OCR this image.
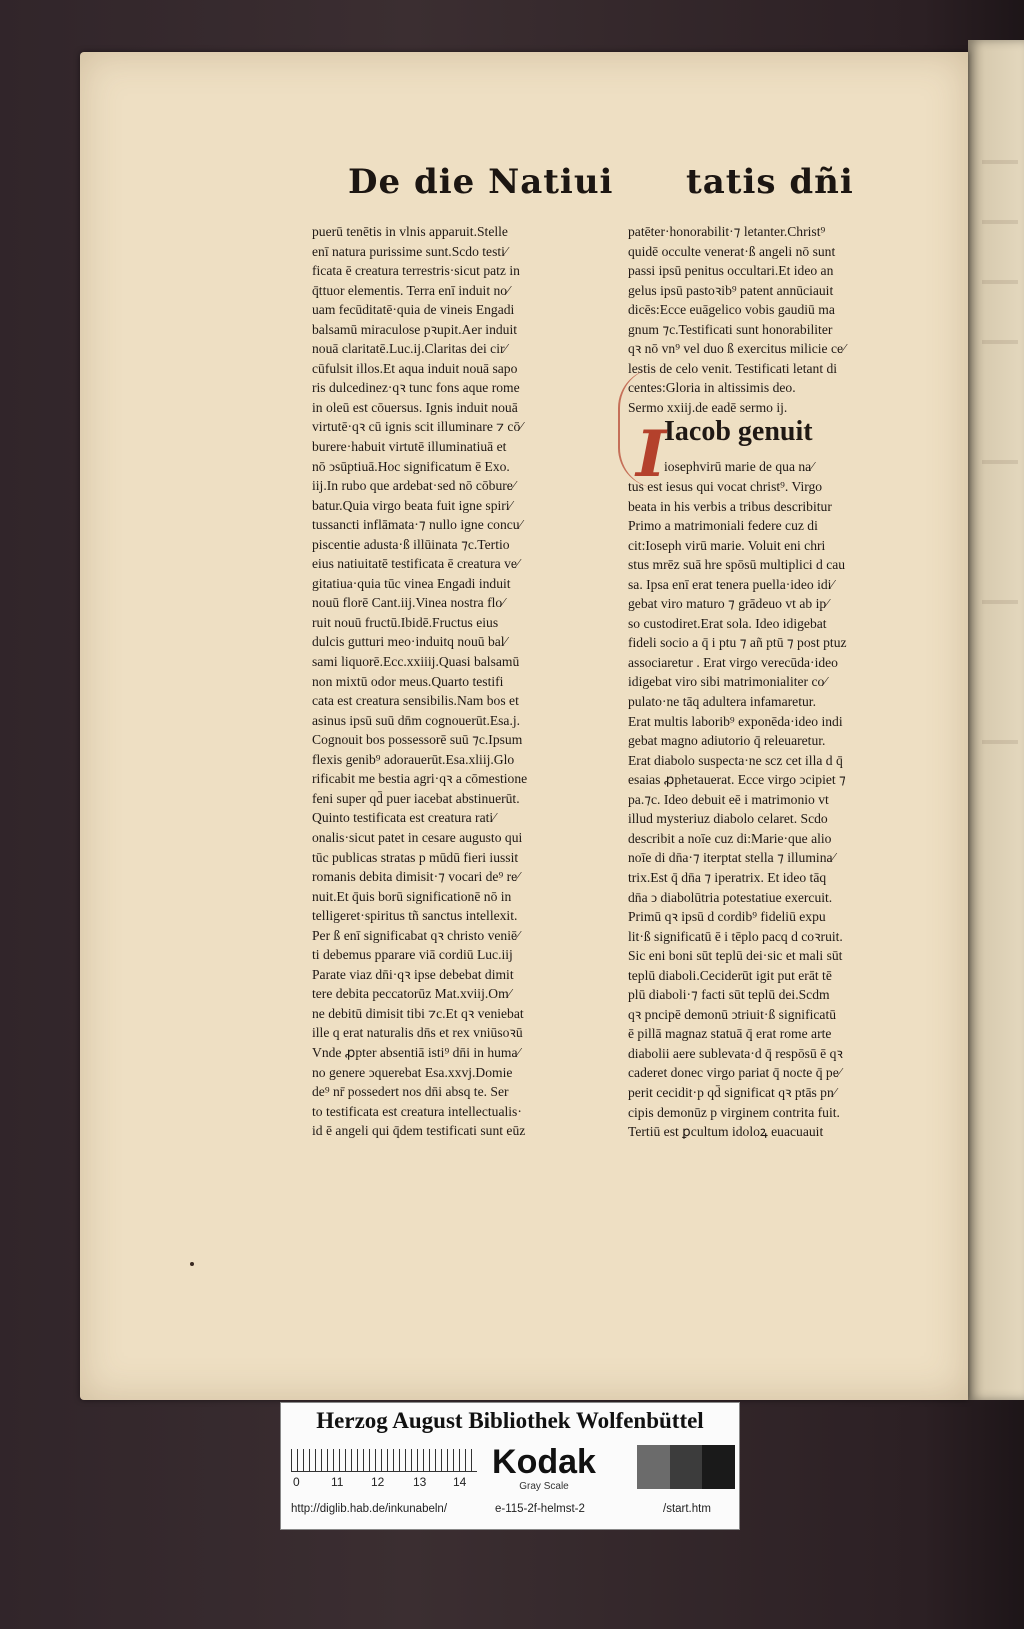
De die Natiui tatis dñi
I
puerū tenētis in vlnis apparuit.Stelle
enī natura purissime sunt.Scdo testi⁄
ficata ē creatura terrestris·sicut patz in
q̄ttuor elementis. Terra enī induit no⁄
uam fecūditatē·quia de vineis Engadi
balsamū miraculose pꝛupit.Aer induit
nouā claritatē.Luc.ij.Claritas dei cir⁄
cūfulsit illos.Et aqua induit nouā sapo
ris dulcedinez·qꝛ tunc fons aque rome
in oleū est cōuersus. Ignis induit nouā
virtutē·qꝛ cū ignis scit illuminare ⁊ cō⁄
burere·habuit virtutē illuminatiuā et
nō ↄsūptiuā.Hoc significatum ē Exo.
iij.In rubo que ardebat·sed nō cōbure⁄
batur.Quia virgo beata fuit igne spiri⁄
tussancti inflāmata·⁊ nullo igne concu⁄
piscentie adusta·ß illūinata ⁊c.Tertio
eius natiuitatē testificata ē creatura ve⁄
gitatiua·quia tūc vinea Engadi induit
nouū florē Cant.iij.Vinea nostra flo⁄
ruit nouū fructū.Ibidē.Fructus eius
dulcis gutturi meo·induitq nouū bal⁄
sami liquorē.Ecc.xxiiij.Quasi balsamū
non mixtū odor meus.Quarto testifi
cata est creatura sensibilis.Nam bos et
asinus ipsū suū dn̄m cognouerūt.Esa.j.
Cognouit bos possessorē suū ⁊c.Ipsum
flexis genib⁹ adorauerūt.Esa.xliij.Glo
rificabit me bestia agri·qꝛ a cōmestione
feni super qd̄ puer iacebat abstinuerūt.
Quinto testificata est creatura rati⁄
onalis·sicut patet in cesare augusto qui
tūc publicas stratas p mūdū fieri iussit
romanis debita dimisit·⁊ vocari de⁹ re⁄
nuit.Et q̄uis borū significationē nō in
telligeret·spiritus tñ sanctus intellexit.
Per ß enī significabat qꝛ christo veniē⁄
ti debemus pparare viā cordiū Luc.iij
Parate viaz dn̄i·qꝛ ipse debebat dimit
tere debita peccatorūz Mat.xviij.Om⁄
ne debitū dimisit tibi ⁊c.Et qꝛ veniebat
ille q erat naturalis dn̄s et rex vniūsoꝛū
Vnde ꝓpter absentiā isti⁹ dn̄i in huma⁄
no genere ↄquerebat Esa.xxvj.Domie
de⁹ nr̄ possedert nos dn̄i absq te. Ser
to testificata est creatura intellectualis·
id ē angeli qui q̄dem testificati sunt eūz
patēter·honorabilit·⁊ letanter.Christ⁹
quidē occulte venerat·ß angeli nō sunt
passi ipsū penitus occultari.Et ideo an
gelus ipsū pastoꝛib⁹ patent annūciauit
dicēs:Ecce euāgelico vobis gaudiū ma
gnum ⁊c.Testificati sunt honorabiliter
qꝛ nō vn⁹ vel duo ß exercitus milicie ce⁄
lestis de celo venit. Testificati letant di
centes:Gloria in altissimis deo.
Sermo xxiij.de eadē sermo ij.
Iacob genuit
iosephvirū marie de qua na⁄
tus est iesus qui vocat christ⁹. Virgo
beata in his verbis a tribus describitur
Primo a matrimoniali federe cuz di
cit:Ioseph virū marie. Voluit eni chri
stus mrēz suā hre spōsū multiplici d cau
sa. Ipsa enī erat tenera puella·ideo idi⁄
gebat viro maturo ⁊ grādeuo vt ab ip⁄
so custodiret.Erat sola. Ideo idigebat
fideli socio a q̄ i ptu ⁊ añ ptū ⁊ post ptuz
associaretur . Erat virgo verecūda·ideo
idigebat viro sibi matrimonialiter co⁄
pulato·ne tāq adultera infamaretur.
Erat multis laborib⁹ exponēda·ideo indi
gebat magno adiutorio q̄ releuaretur.
Erat diabolo suspecta·ne scz cet illa d q̄
esaias ꝓphetauerat. Ecce virgo ↄcipiet ⁊
pa.⁊c. Ideo debuit eē i matrimonio vt
illud mysteriuz diabolo celaret. Scdo
describit a noīe cuz di:Marie·que alio
noīe di dn̄a·⁊ iterptat stella ⁊ illumina⁄
trix.Est q̄ dn̄a ⁊ iperatrix. Et ideo tāq
dn̄a ↄ diabolūtria potestatiue exercuit.
Primū qꝛ ipsū d cordib⁹ fideliū expu
lit·ß significatū ē i tēplo pacq d coꝛruit.
Sic eni boni sūt teplū dei·sic et mali sūt
teplū diaboli.Ceciderūt igit put erāt tē
plū diaboli·⁊ facti sūt teplū dei.Scdm
qꝛ pncipē demonū ↄtriuit·ß significatū
ē pillā magnaz statuā q̄ erat rome arte
diabolii aere sublevata·d q̄ respōsū ē qꝛ
caderet donec virgo pariat q̄ nocte q̄ pe⁄
perit cecidit·p qd̄ significat qꝛ ptās pn⁄
cipis demonūz p virginem contrita fuit.
Tertiū est ꝑcultum idoloꝝ euacuauit
Herzog August Bibliothek Wolfenbüttel
0	11 12 13 14
Kodak
Gray Scale
http://diglib.hab.de/inkunabeln/	e-115-2f-helmst-2	/start.htm
